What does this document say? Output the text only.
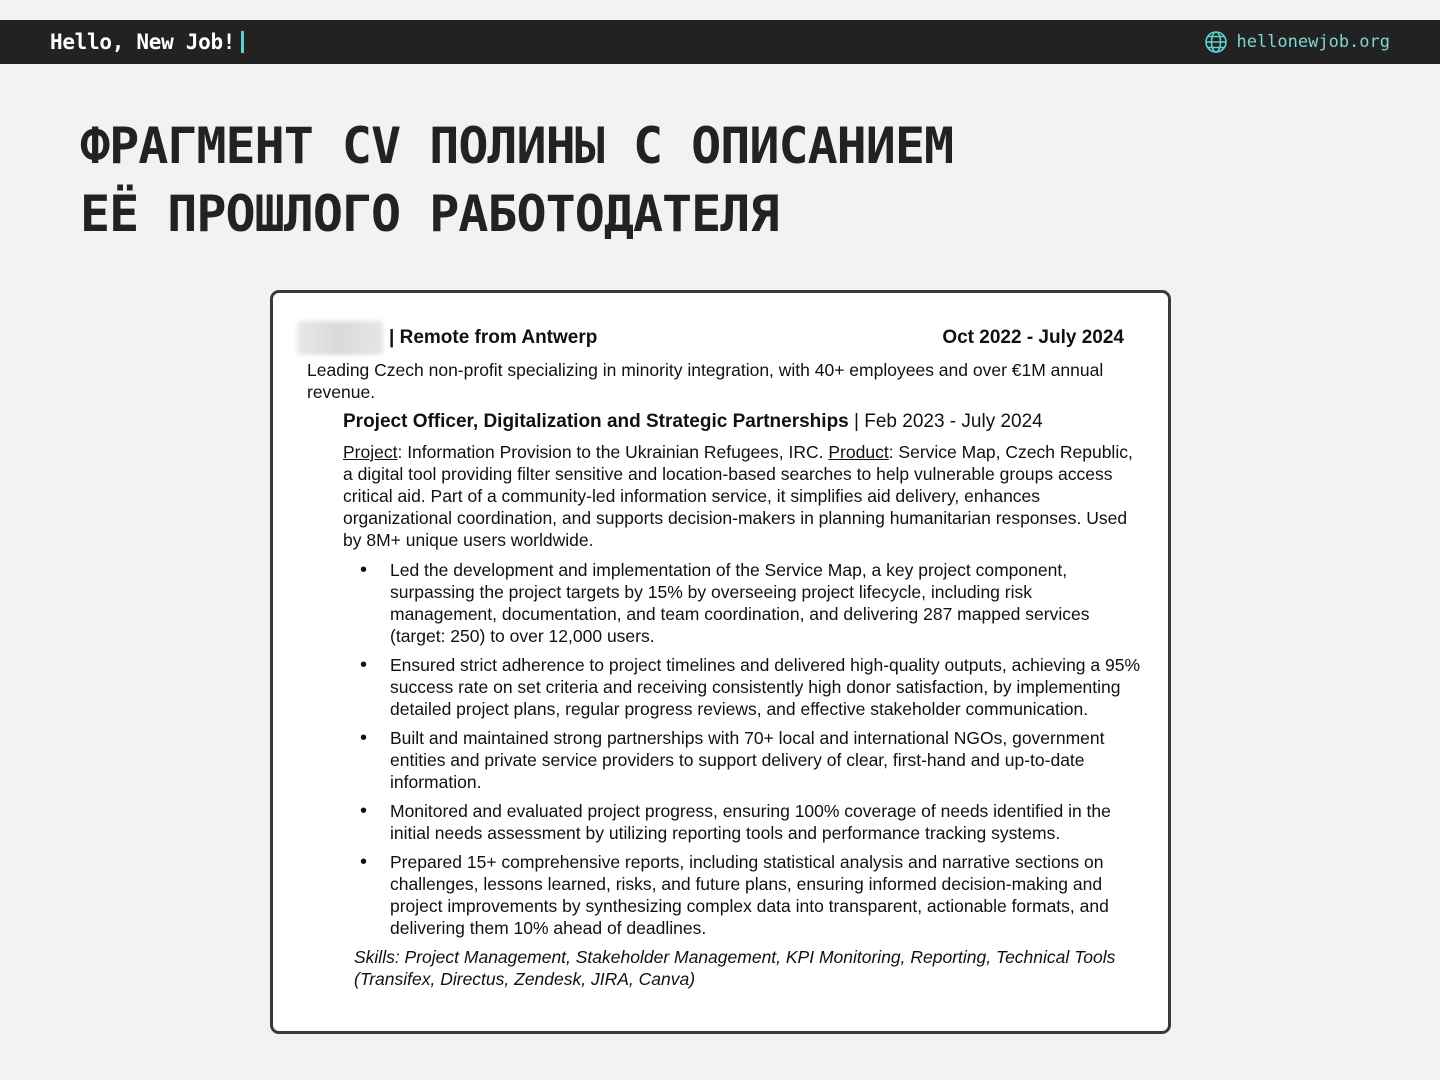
Hello, New Job!	hellonewjob.org
ФРАГМЕНТ CV ПОЛИНЫ С ОПИСАНИЕМ
ЕЁ ПРОШЛОГО РАБОТОДАТЕЛЯ
| Remote from Antwerp	Oct 2022 - July 2024

Leading Czech non-profit specializing in minority integration, with 40+ employees and over €1M annual revenue.

Project Officer, Digitalization and Strategic Partnerships | Feb 2023 - July 2024

Project: Information Provision to the Ukrainian Refugees, IRC. Product: Service Map, Czech Republic, a digital tool providing filter sensitive and location-based searches to help vulnerable groups access critical aid. Part of a community-led information service, it simplifies aid delivery, enhances organizational coordination, and supports decision-makers in planning humanitarian responses. Used by 8M+ unique users worldwide.

• Led the development and implementation of the Service Map, a key project component, surpassing the project targets by 15% by overseeing project lifecycle, including risk management, documentation, and team coordination, and delivering 287 mapped services (target: 250) to over 12,000 users.
• Ensured strict adherence to project timelines and delivered high-quality outputs, achieving a 95% success rate on set criteria and receiving consistently high donor satisfaction, by implementing detailed project plans, regular progress reviews, and effective stakeholder communication.
• Built and maintained strong partnerships with 70+ local and international NGOs, government entities and private service providers to support delivery of clear, first-hand and up-to-date information.
• Monitored and evaluated project progress, ensuring 100% coverage of needs identified in the initial needs assessment by utilizing reporting tools and performance tracking systems.
• Prepared 15+ comprehensive reports, including statistical analysis and narrative sections on challenges, lessons learned, risks, and future plans, ensuring informed decision-making and project improvements by synthesizing complex data into transparent, actionable formats, and delivering them 10% ahead of deadlines.

Skills: Project Management, Stakeholder Management, KPI Monitoring, Reporting, Technical Tools (Transifex, Directus, Zendesk, JIRA, Canva)
